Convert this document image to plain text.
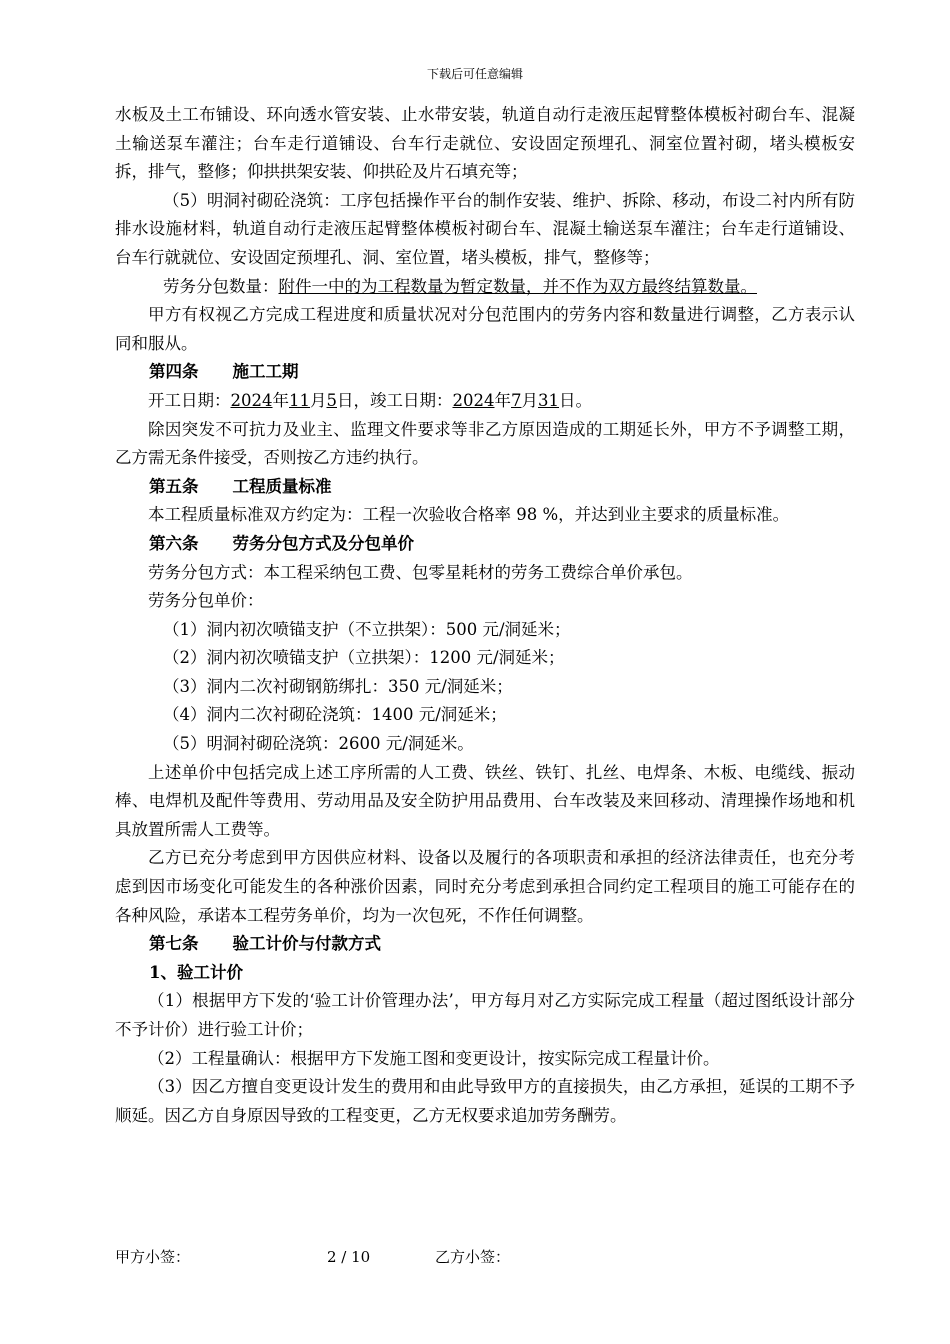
下载后可任意编辑

水板及土工布铺设、环向透水管安装、止水带安装，轨道自动行走液压起臂整体模板衬砌台车、混凝土输送泵车灌注；台车走行道铺设、台车行走就位、安设固定预埋孔、洞室位置衬砌，堵头模板安拆，排气，整修；仰拱拱架安装、仰拱砼及片石填充等；

（5）明洞衬砌砼浇筑：工序包括操作平台的制作安装、维护、拆除、移动，布设二衬内所有防排水设施材料，轨道自动行走液压起臂整体模板衬砌台车、混凝土输送泵车灌注；台车走行道铺设、台车行就就位、安设固定预埋孔、洞、室位置，堵头模板，排气，整修等；

劳务分包数量：附件一中的为工程数量为暂定数量，并不作为双方最终结算数量。

甲方有权视乙方完成工程进度和质量状况对分包范围内的劳务内容和数量进行调整，乙方表示认同和服从。

第四条 施工工期

开工日期：2024年11月5日，竣工日期：2024年7月31日。

除因突发不可抗力及业主、监理文件要求等非乙方原因造成的工期延长外，甲方不予调整工期，乙方需无条件接受，否则按乙方违约执行。

第五条 工程质量标准

本工程质量标准双方约定为：工程一次验收合格率 98 %，并达到业主要求的质量标准。

第六条 劳务分包方式及分包单价

劳务分包方式：本工程采纳包工费、包零星耗材的劳务工费综合单价承包。

劳务分包单价：

（1）洞内初次喷锚支护（不立拱架）：500 元/洞延米；

（2）洞内初次喷锚支护（立拱架）：1200 元/洞延米；

（3）洞内二次衬砌钢筋绑扎：350 元/洞延米；

（4）洞内二次衬砌砼浇筑：1400 元/洞延米；

（5）明洞衬砌砼浇筑：2600 元/洞延米。

上述单价中包括完成上述工序所需的人工费、铁丝、铁钉、扎丝、电焊条、木板、电缆线、振动棒、电焊机及配件等费用、劳动用品及安全防护用品费用、台车改装及来回移动、清理操作场地和机具放置所需人工费等。

乙方已充分考虑到甲方因供应材料、设备以及履行的各项职责和承担的经济法律责任，也充分考虑到因市场变化可能发生的各种涨价因素，同时充分考虑到承担合同约定工程项目的施工可能存在的各种风险，承诺本工程劳务单价，均为一次包死，不作任何调整。

第七条 验工计价与付款方式

1、验工计价

（1）根据甲方下发的‘验工计价管理办法’，甲方每月对乙方实际完成工程量（超过图纸设计部分不予计价）进行验工计价；

（2）工程量确认：根据甲方下发施工图和变更设计，按实际完成工程量计价。

（3）因乙方擅自变更设计发生的费用和由此导致甲方的直接损失，由乙方承担，延误的工期不予顺延。因乙方自身原因导致的工程变更，乙方无权要求追加劳务酬劳。

甲方小签：	2 / 10	乙方小签：
